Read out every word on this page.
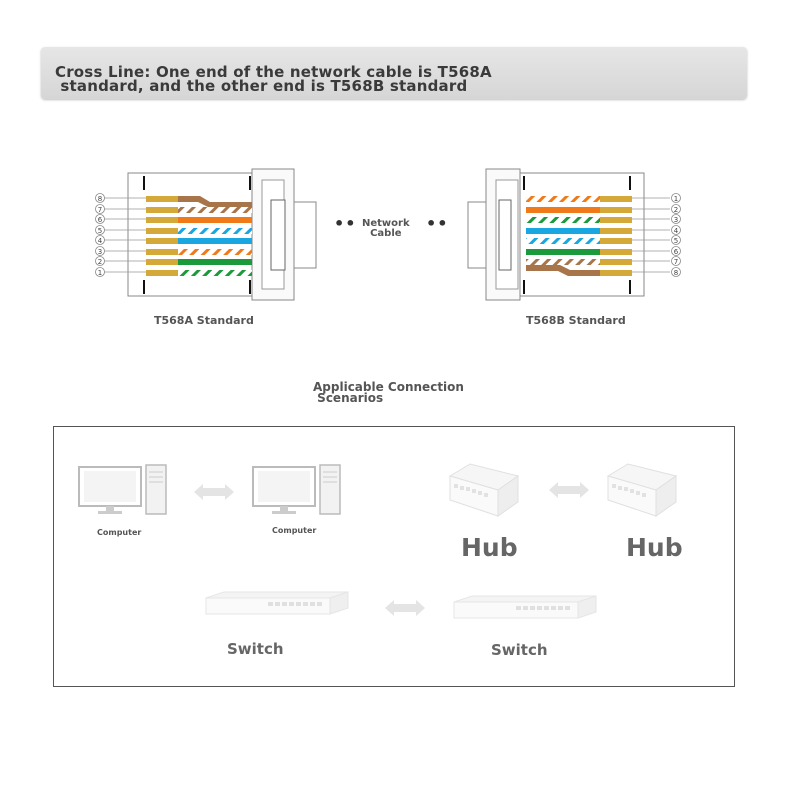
Cross Line: One end of the network cable is T568A
standard, and the other end is T568B standard
8
7
6
5
4
3
2
1
1
2
3
4
5
6
7
8
••	••
Network
Cable
T568A Standard	T568B Standard
Applicable Connection
Scenarios
Computer	Computer
Hub	Hub
Switch	Switch
